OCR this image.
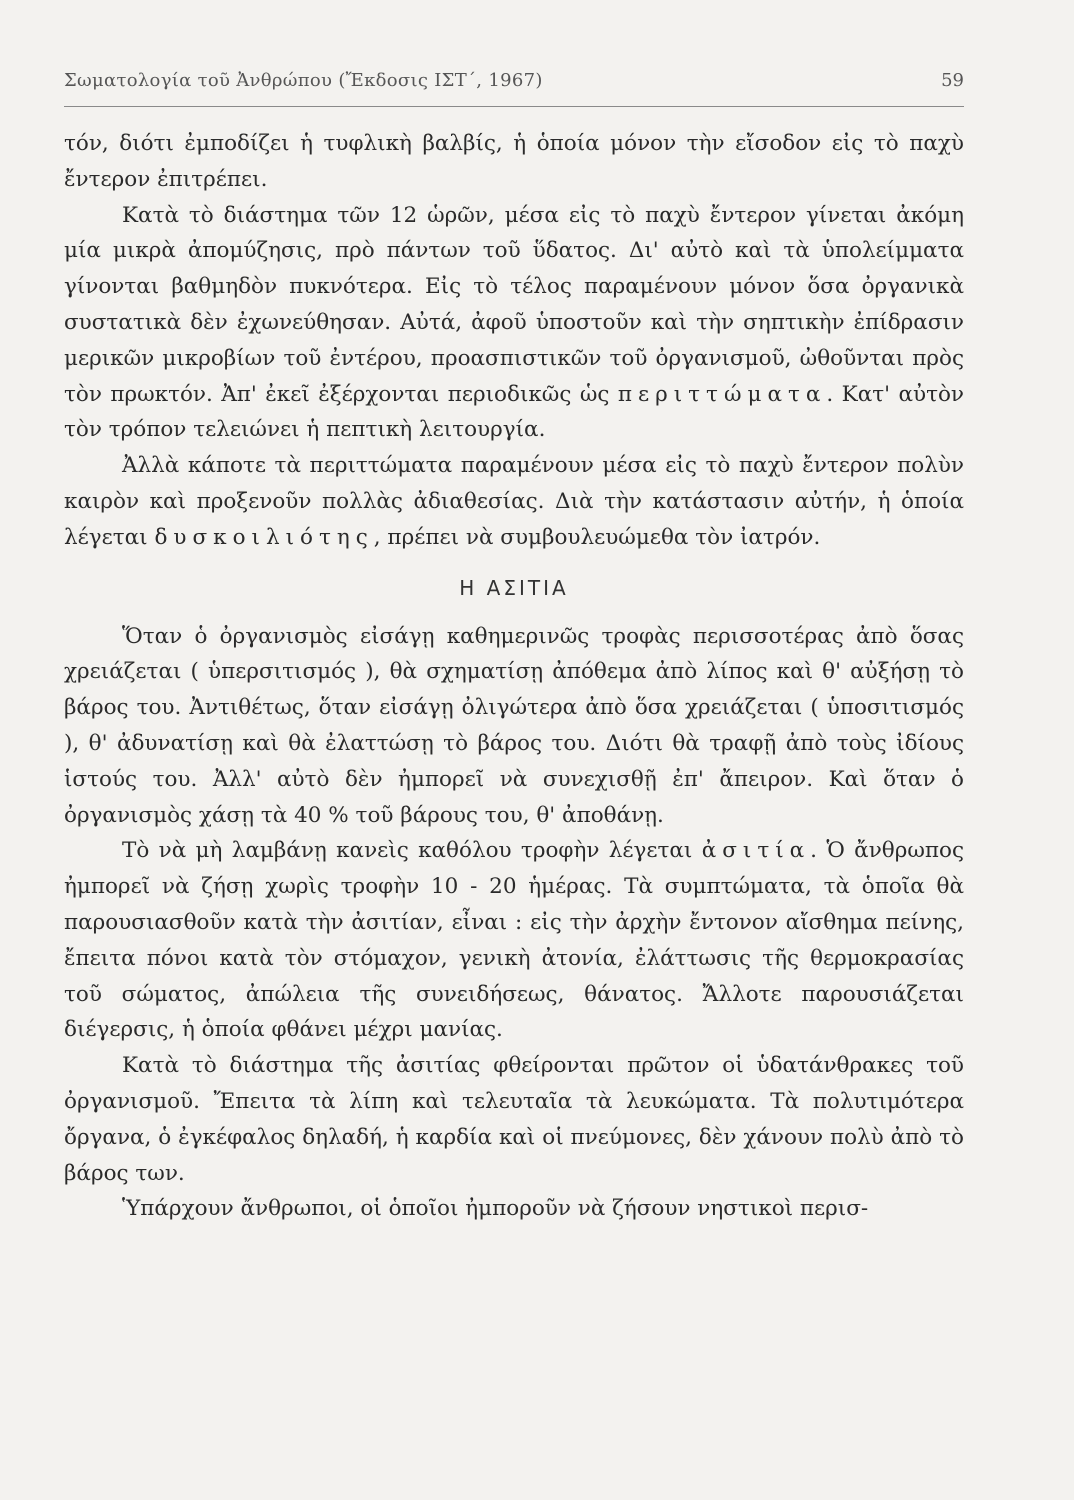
Σωματολογία τοῦ Ἀνθρώπου (Ἔκδοσις ΙΣΤ΄, 1967)	59

τόν, διότι ἐμποδίζει ἡ τυφλικὴ βαλβίς, ἡ ὁποία μόνον τὴν εἴσοδον εἰς τὸ παχὺ ἔντερον ἐπιτρέπει.

Κατὰ τὸ διάστημα τῶν 12 ὡρῶν, μέσα εἰς τὸ παχὺ ἔντερον γίνεται ἀκόμη μία μικρὰ ἀπομύζησις, πρὸ πάντων τοῦ ὕδατος. Δι' αὐτὸ καὶ τὰ ὑπολείμματα γίνονται βαθμηδὸν πυκνότερα. Εἰς τὸ τέλος παραμένουν μόνον ὅσα ὀργανικὰ συστατικὰ δὲν ἐχωνεύθησαν. Αὐτά, ἀφοῦ ὑποστοῦν καὶ τὴν σηπτικὴν ἐπίδρασιν μερικῶν μικροβίων τοῦ ἐντέρου, προασπιστικῶν τοῦ ὀργανισμοῦ, ὠθοῦνται πρὸς τὸν πρωκτόν. Ἀπ' ἐκεῖ ἐξέρχονται περιοδικῶς ὡς περιττώματα. Κατ' αὐτὸν τὸν τρόπον τελειώνει ἡ πεπτικὴ λειτουργία.

Ἀλλὰ κάποτε τὰ περιττώματα παραμένουν μέσα εἰς τὸ παχὺ ἔντερον πολὺν καιρὸν καὶ προξενοῦν πολλὰς ἀδιαθεσίας. Διὰ τὴν κατάστασιν αὐτήν, ἡ ὁποία λέγεται δυσκοιλιότης, πρέπει νὰ συμβουλευώμεθα τὸν ἰατρόν.

Η ΑΣΙΤΙΑ

Ὅταν ὁ ὀργανισμὸς εἰσάγῃ καθημερινῶς τροφὰς περισσοτέρας ἀπὸ ὅσας χρειάζεται ( ὑπερσιτισμός ), θὰ σχηματίσῃ ἀπόθεμα ἀπὸ λίπος καὶ θ' αὐξήσῃ τὸ βάρος του. Ἀντιθέτως, ὅταν εἰσάγῃ ὀλιγώτερα ἀπὸ ὅσα χρειάζεται ( ὑποσιτισμός ), θ' ἀδυνατίσῃ καὶ θὰ ἐλαττώσῃ τὸ βάρος του. Διότι θὰ τραφῇ ἀπὸ τοὺς ἰδίους ἱστούς του. Ἀλλ' αὐτὸ δὲν ἠμπορεῖ νὰ συνεχισθῇ ἐπ' ἄπειρον. Καὶ ὅταν ὁ ὀργανισμὸς χάσῃ τὰ 40 % τοῦ βάρους του, θ' ἀποθάνῃ.

Τὸ νὰ μὴ λαμβάνῃ κανεὶς καθόλου τροφὴν λέγεται ἀσιτία. Ὁ ἄνθρωπος ἠμπορεῖ νὰ ζήσῃ χωρὶς τροφὴν 10 - 20 ἡμέρας. Τὰ συμπτώματα, τὰ ὁποῖα θὰ παρουσιασθοῦν κατὰ τὴν ἀσιτίαν, εἶναι : εἰς τὴν ἀρχὴν ἔντονον αἴσθημα πείνης, ἔπειτα πόνοι κατὰ τὸν στόμαχον, γενικὴ ἀτονία, ἐλάττωσις τῆς θερμοκρασίας τοῦ σώματος, ἀπώλεια τῆς συνειδήσεως, θάνατος. Ἄλλοτε παρουσιάζεται διέγερσις, ἡ ὁποία φθάνει μέχρι μανίας.

Κατὰ τὸ διάστημα τῆς ἀσιτίας φθείρονται πρῶτον οἱ ὑδατάνθρακες τοῦ ὀργανισμοῦ. Ἔπειτα τὰ λίπη καὶ τελευταῖα τὰ λευκώματα. Τὰ πολυτιμότερα ὄργανα, ὁ ἐγκέφαλος δηλαδή, ἡ καρδία καὶ οἱ πνεύμονες, δὲν χάνουν πολὺ ἀπὸ τὸ βάρος των.

Ὑπάρχουν ἄνθρωποι, οἱ ὁποῖοι ἠμποροῦν νὰ ζήσουν νηστικοὶ περισ-
